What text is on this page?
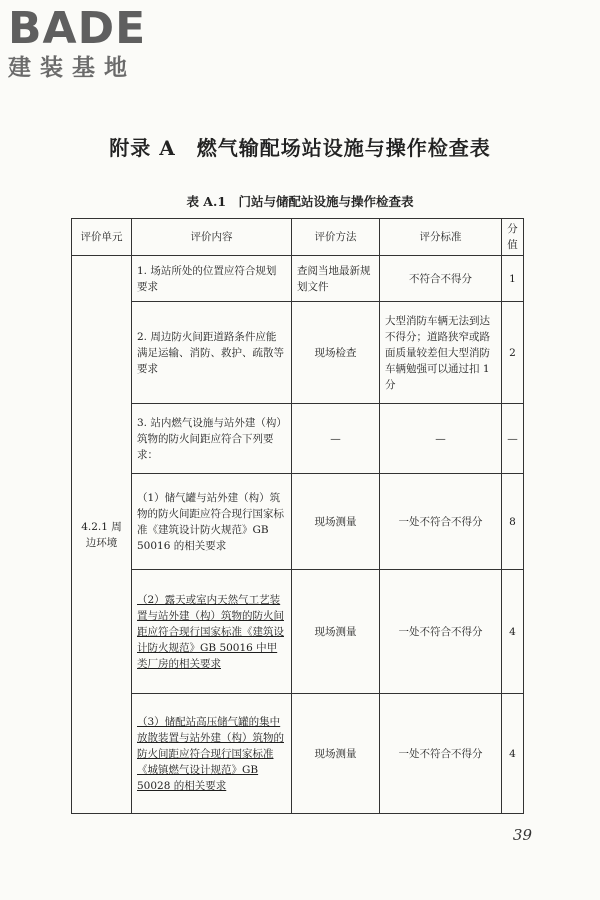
BADE
建装基地
附录 A　燃气输配场站设施与操作检查表
表 A.1　门站与储配站设施与操作检查表
评价单元	评价内容	评价方法	评分标准	分值
4.2.1 周边环境	1. 场站所处的位置应符合规划要求	查阅当地最新规划文件	不符合不得分	1
	2. 周边防火间距道路条件应能满足运输、消防、救护、疏散等要求	现场检查	大型消防车辆无法到达不得分；道路狭窄或路面质量较差但大型消防车辆勉强可以通过扣 1 分	2
	3. 站内燃气设施与站外建（构）筑物的防火间距应符合下列要求：	—	—	—
	（1）储气罐与站外建（构）筑物的防火间距应符合现行国家标准《建筑设计防火规范》GB 50016 的相关要求	现场测量	一处不符合不得分	8
	（2）露天或室内天然气工艺装置与站外建（构）筑物的防火间距应符合现行国家标准《建筑设计防火规范》GB 50016 中甲类厂房的相关要求	现场测量	一处不符合不得分	4
	（3）储配站高压储气罐的集中放散装置与站外建（构）筑物的防火间距应符合现行国家标准《城镇燃气设计规范》GB 50028 的相关要求	现场测量	一处不符合不得分	4
39
